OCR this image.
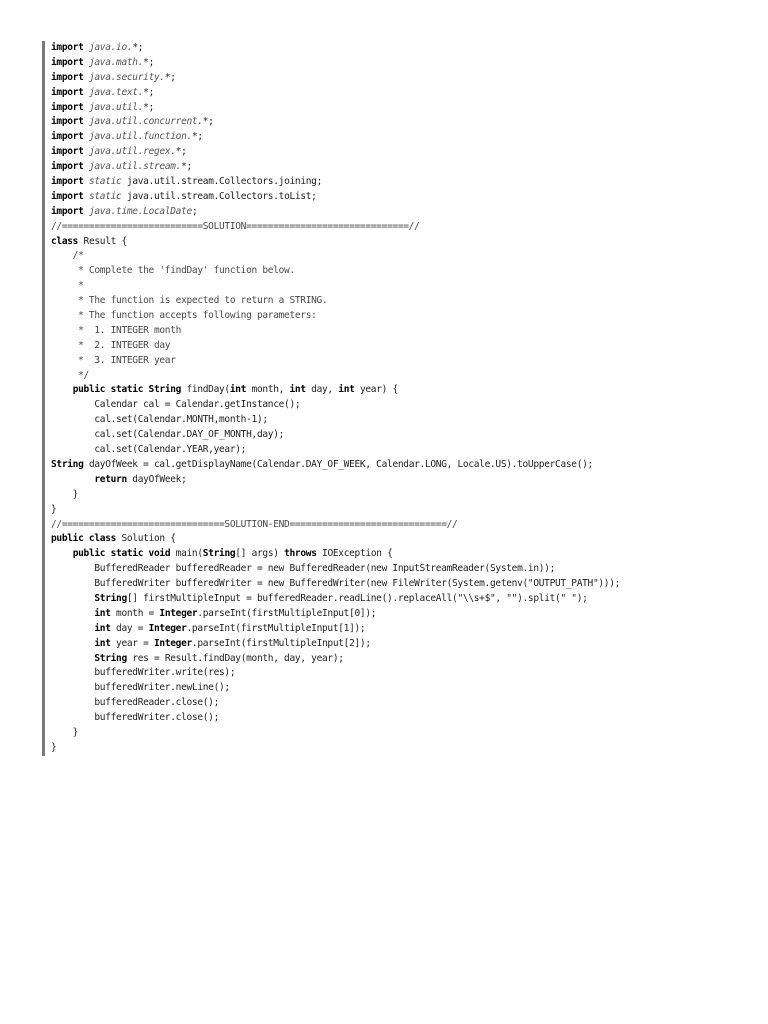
import java.io.*;
import java.math.*;
import java.security.*;
import java.text.*;
import java.util.*;
import java.util.concurrent.*;
import java.util.function.*;
import java.util.regex.*;
import java.util.stream.*;
import static java.util.stream.Collectors.joining;
import static java.util.stream.Collectors.toList;
import java.time.LocalDate;
//==========================SOLUTION==============================//
class Result {
/*
* Complete the 'findDay' function below.
*
* The function is expected to return a STRING.
* The function accepts following parameters:
*  1. INTEGER month
*  2. INTEGER day
*  3. INTEGER year
*/
public static String findDay(int month, int day, int year) {
Calendar cal = Calendar.getInstance();
cal.set(Calendar.MONTH,month-1);
cal.set(Calendar.DAY_OF_MONTH,day);
cal.set(Calendar.YEAR,year);
String dayOfWeek = cal.getDisplayName(Calendar.DAY_OF_WEEK, Calendar.LONG, Locale.US).toUpperCase();
return dayOfWeek;
}
}
//==============================SOLUTION-END=============================//
public class Solution {
public static void main(String[] args) throws IOException {
BufferedReader bufferedReader = new BufferedReader(new InputStreamReader(System.in));
BufferedWriter bufferedWriter = new BufferedWriter(new FileWriter(System.getenv("OUTPUT_PATH")));
String[] firstMultipleInput = bufferedReader.readLine().replaceAll("\\s+$", "").split(" ");
int month = Integer.parseInt(firstMultipleInput[0]);
int day = Integer.parseInt(firstMultipleInput[1]);
int year = Integer.parseInt(firstMultipleInput[2]);
String res = Result.findDay(month, day, year);
bufferedWriter.write(res);
bufferedWriter.newLine();
bufferedReader.close();
bufferedWriter.close();
}
}
